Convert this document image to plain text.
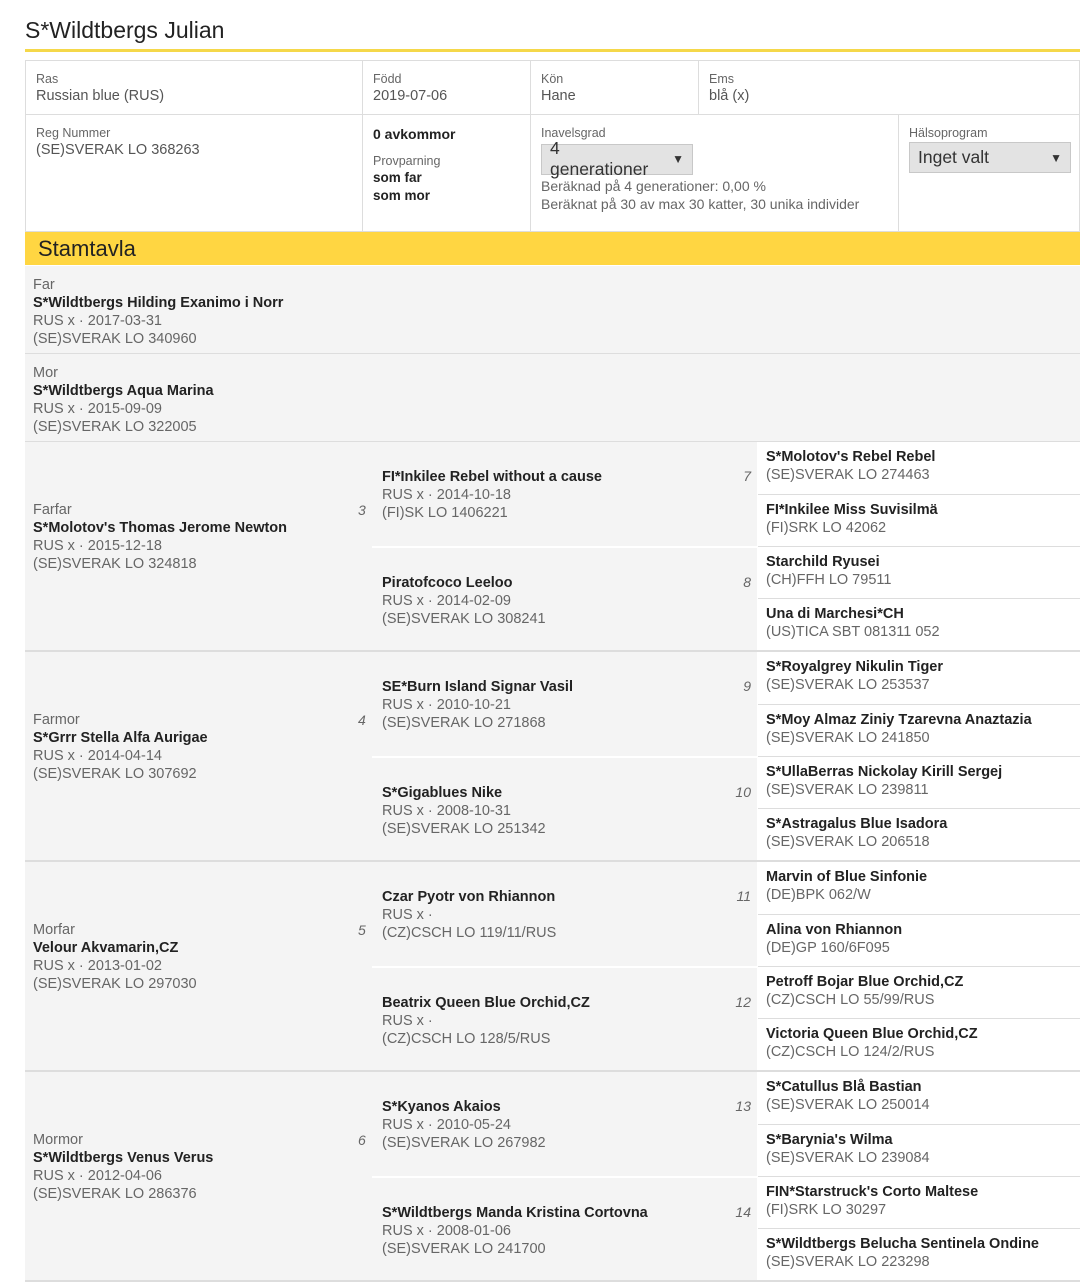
S*Wildtbergs Julian
Ras
Russian blue (RUS)
Född
2019-07-06
Kön
Hane
Ems
blå (x)
Reg Nummer
(SE)SVERAK LO 368263
0 avkommor
Provparning
som far
som mor
Inavelsgrad
4 generationer	▼
Beräknad på 4 generationer: 0,00 %
Beräknat på 30 av max 30 katter, 30 unika individer
Hälsoprogram
Inget valt	▼
Stamtavla
Far
S*Wildtbergs Hilding Exanimo i Norr
RUS x · 2017-03-31
(SE)SVERAK LO 340960
Mor
S*Wildtbergs Aqua Marina
RUS x · 2015-09-09
(SE)SVERAK LO 322005
Farfar
S*Molotov's Thomas Jerome Newton
RUS x · 2015-12-18
(SE)SVERAK LO 324818
3
FI*Inkilee Rebel without a cause
RUS x · 2014-10-18
(FI)SK LO 1406221
7
Piratofcoco Leeloo
RUS x · 2014-02-09
(SE)SVERAK LO 308241
8
S*Molotov's Rebel Rebel
(SE)SVERAK LO 274463
FI*Inkilee Miss Suvisilmä
(FI)SRK LO 42062
Starchild Ryusei
(CH)FFH LO 79511
Una di Marchesi*CH
(US)TICA SBT 081311 052
Farmor
S*Grrr Stella Alfa Aurigae
RUS x · 2014-04-14
(SE)SVERAK LO 307692
4
SE*Burn Island Signar Vasil
RUS x · 2010-10-21
(SE)SVERAK LO 271868
9
S*Gigablues Nike
RUS x · 2008-10-31
(SE)SVERAK LO 251342
10
S*Royalgrey Nikulin Tiger
(SE)SVERAK LO 253537
S*Moy Almaz Ziniy Tzarevna Anaztazia
(SE)SVERAK LO 241850
S*UllaBerras Nickolay Kirill Sergej
(SE)SVERAK LO 239811
S*Astragalus Blue Isadora
(SE)SVERAK LO 206518
Morfar
Velour Akvamarin,CZ
RUS x · 2013-01-02
(SE)SVERAK LO 297030
5
Czar Pyotr von Rhiannon
RUS x ·
(CZ)CSCH LO 119/11/RUS
11
Beatrix Queen Blue Orchid,CZ
RUS x ·
(CZ)CSCH LO 128/5/RUS
12
Marvin of Blue Sinfonie
(DE)BPK 062/W
Alina von Rhiannon
(DE)GP 160/6F095
Petroff Bojar Blue Orchid,CZ
(CZ)CSCH LO 55/99/RUS
Victoria Queen Blue Orchid,CZ
(CZ)CSCH LO 124/2/RUS
Mormor
S*Wildtbergs Venus Verus
RUS x · 2012-04-06
(SE)SVERAK LO 286376
6
S*Kyanos Akaios
RUS x · 2010-05-24
(SE)SVERAK LO 267982
13
S*Wildtbergs Manda Kristina Cortovna
RUS x · 2008-01-06
(SE)SVERAK LO 241700
14
S*Catullus Blå Bastian
(SE)SVERAK LO 250014
S*Barynia's Wilma
(SE)SVERAK LO 239084
FIN*Starstruck's Corto Maltese
(FI)SRK LO 30297
S*Wildtbergs Belucha Sentinela Ondine
(SE)SVERAK LO 223298
